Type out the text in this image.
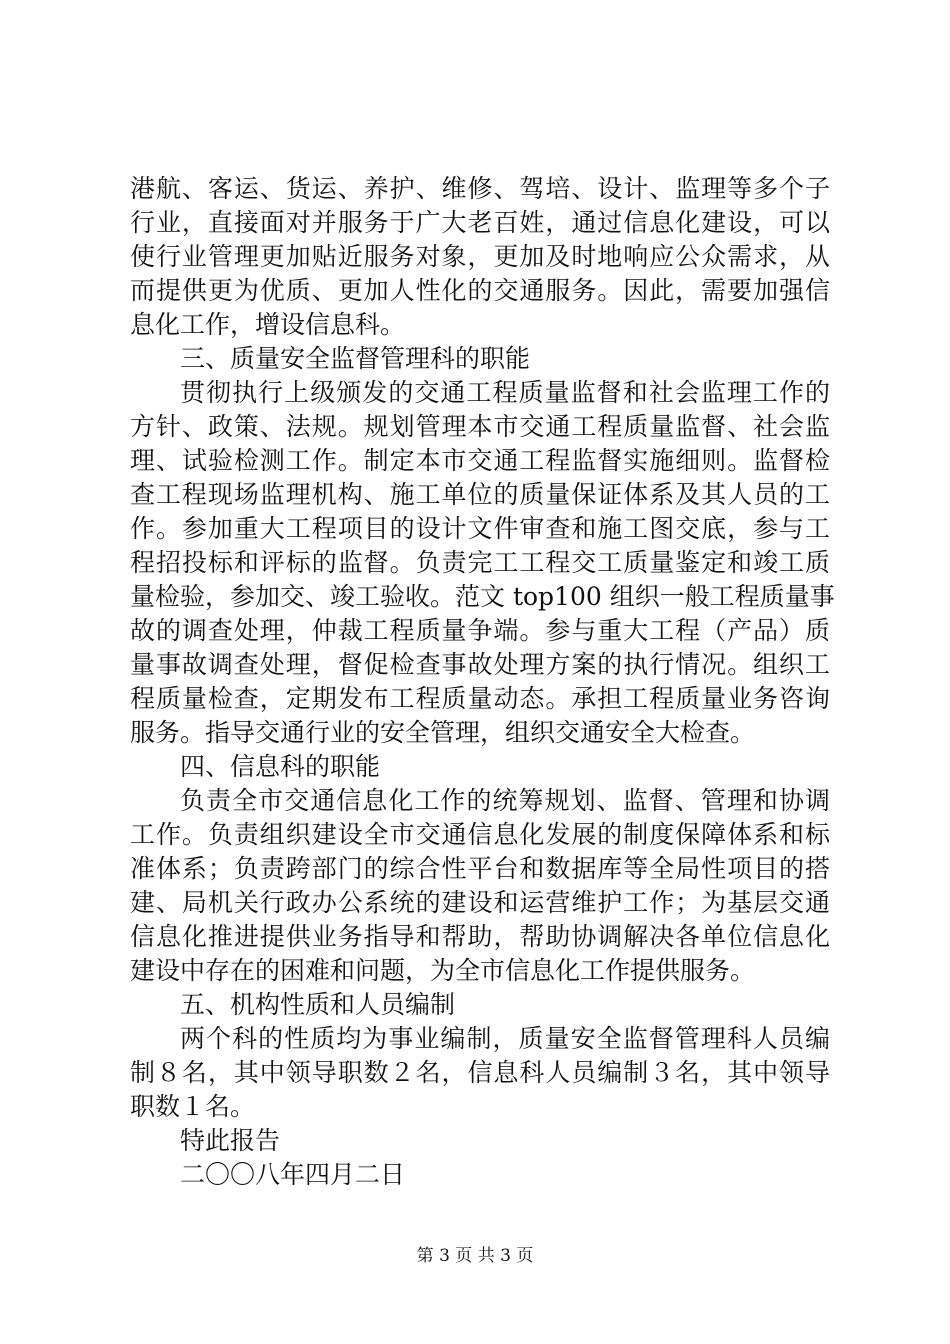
港航、客运、货运、养护、维修、驾培、设计、监理等多个子
行业，直接面对并服务于广大老百姓，通过信息化建设，可以
使行业管理更加贴近服务对象，更加及时地响应公众需求，从
而提供更为优质、更加人性化的交通服务。因此，需要加强信
息化工作，增设信息科。
三、质量安全监督管理科的职能
贯彻执行上级颁发的交通工程质量监督和社会监理工作的
方针、政策、法规。规划管理本市交通工程质量监督、社会监
理、试验检测工作。制定本市交通工程监督实施细则。监督检
查工程现场监理机构、施工单位的质量保证体系及其人员的工
作。参加重大工程项目的设计文件审查和施工图交底，参与工
程招投标和评标的监督。负责完工工程交工质量鉴定和竣工质
量检验，参加交、竣工验收。范文 top100 组织一般工程质量事
故的调查处理，仲裁工程质量争端。参与重大工程（产品）质
量事故调查处理，督促检查事故处理方案的执行情况。组织工
程质量检查，定期发布工程质量动态。承担工程质量业务咨询
服务。指导交通行业的安全管理，组织交通安全大检查。
四、信息科的职能
负责全市交通信息化工作的统筹规划、监督、管理和协调
工作。负责组织建设全市交通信息化发展的制度保障体系和标
准体系；负责跨部门的综合性平台和数据库等全局性项目的搭
建、局机关行政办公系统的建设和运营维护工作；为基层交通
信息化推进提供业务指导和帮助，帮助协调解决各单位信息化
建设中存在的困难和问题，为全市信息化工作提供服务。
五、机构性质和人员编制
两个科的性质均为事业编制，质量安全监督管理科人员编
制８名，其中领导职数２名，信息科人员编制３名，其中领导
职数１名。
特此报告
二〇〇八年四月二日
第 3 页 共 3 页
